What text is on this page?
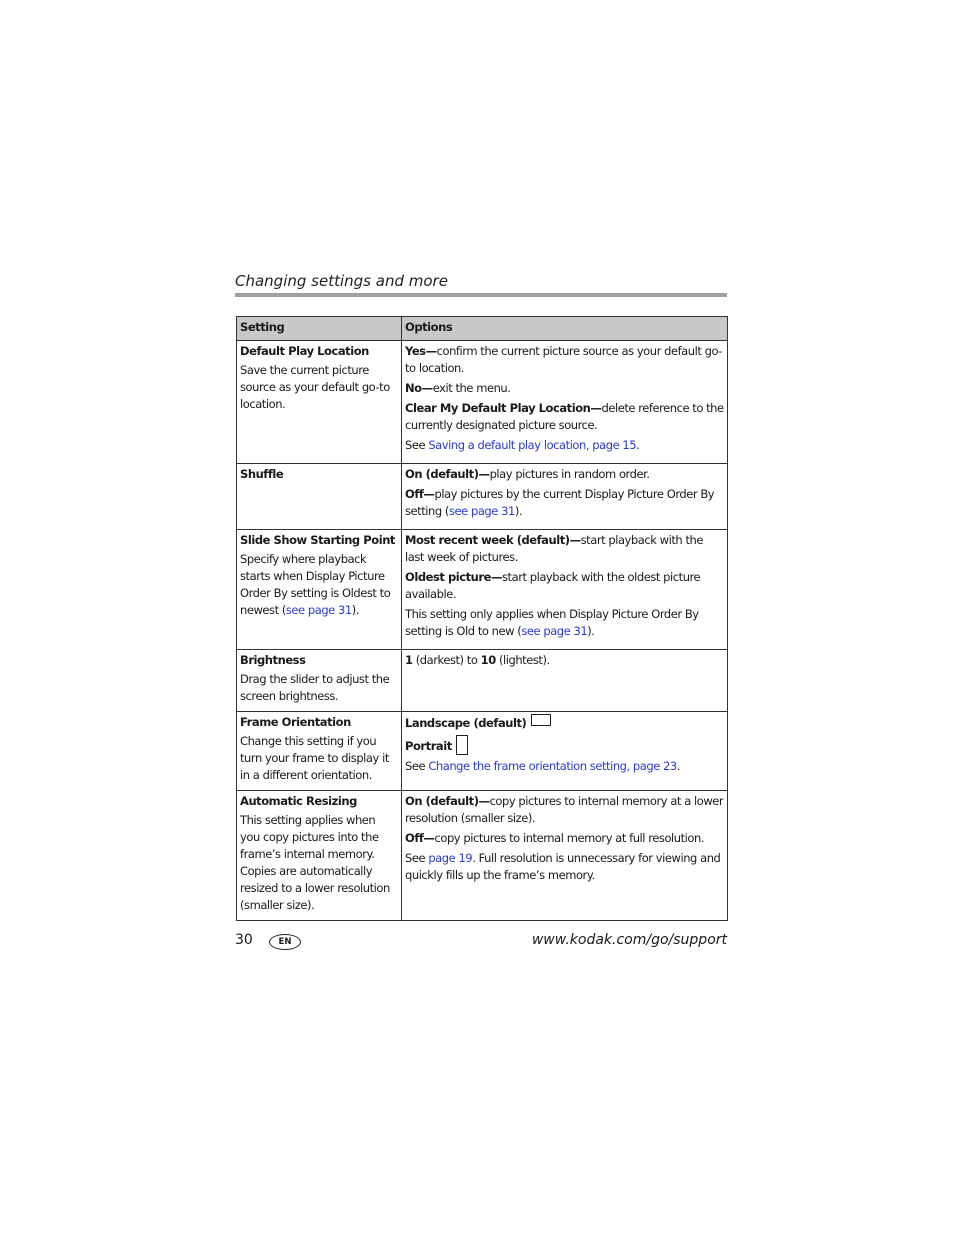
Changing settings and more
Setting	Options

Default Play Location
Save the current picture source as your default go-to location.	Yes—confirm the current picture source as your default go-to location.
No—exit the menu.
Clear My Default Play Location—delete reference to the currently designated picture source.
See Saving a default play location, page 15.

Shuffle	On (default)—play pictures in random order.
Off—play pictures by the current Display Picture Order By setting (see page 31).

Slide Show Starting Point
Specify where playback starts when Display Picture Order By setting is Oldest to newest (see page 31).	Most recent week (default)—start playback with the last week of pictures.
Oldest picture—start playback with the oldest picture available.
This setting only applies when Display Picture Order By setting is Old to new (see page 31).

Brightness
Drag the slider to adjust the screen brightness.	1 (darkest) to 10 (lightest).

Frame Orientation
Change this setting if you turn your frame to display it in a different orientation.	Landscape (default)
Portrait
See Change the frame orientation setting, page 23.

Automatic Resizing
This setting applies when you copy pictures into the frame’s internal memory. Copies are automatically resized to a lower resolution (smaller size).	On (default)—copy pictures to internal memory at a lower resolution (smaller size).
Off—copy pictures to internal memory at full resolution.
See page 19. Full resolution is unnecessary for viewing and quickly fills up the frame’s memory.
30	EN	www.kodak.com/go/support
